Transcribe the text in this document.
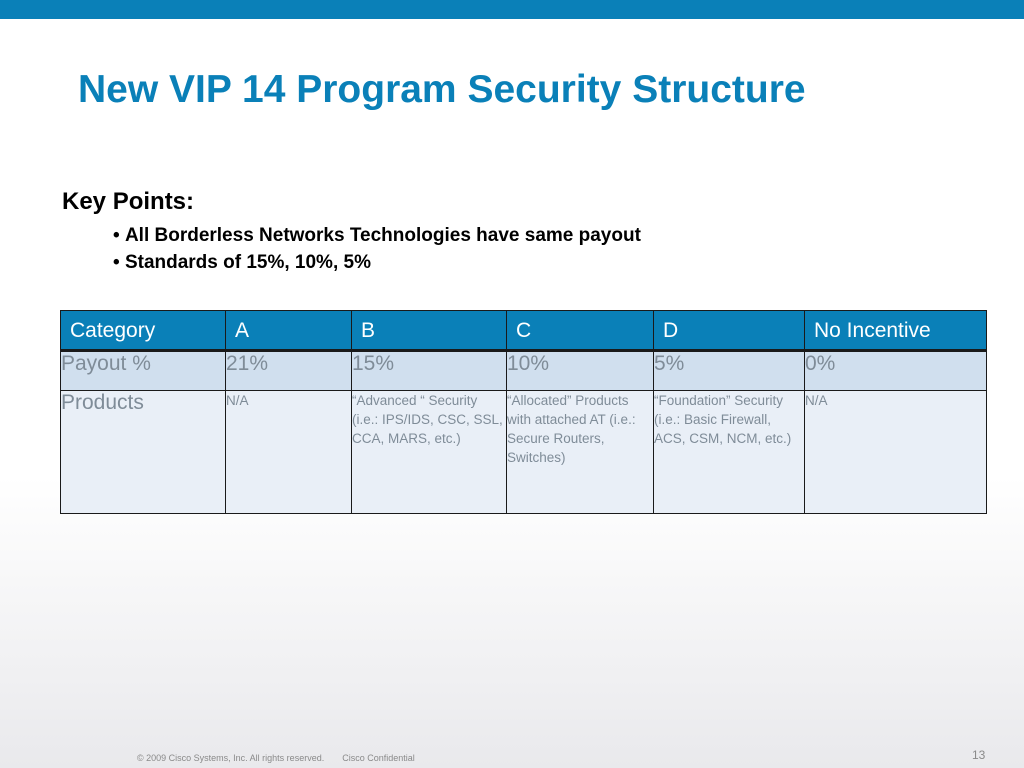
New VIP 14 Program Security Structure
Key Points:
• All Borderless Networks Technologies have same payout
• Standards of 15%, 10%, 5%
Category	A	B	C	D	No Incentive
Payout %	21%	15%	10%	5%	0%
Products	N/A	“Advanced “ Security (i.e.: IPS/IDS, CSC, SSL, CCA, MARS, etc.)	“Allocated” Products with attached AT (i.e.: Secure Routers, Switches)	“Foundation” Security (i.e.: Basic Firewall, ACS, CSM, NCM, etc.)	N/A
© 2009 Cisco Systems, Inc. All rights reserved. Cisco Confidential	13
